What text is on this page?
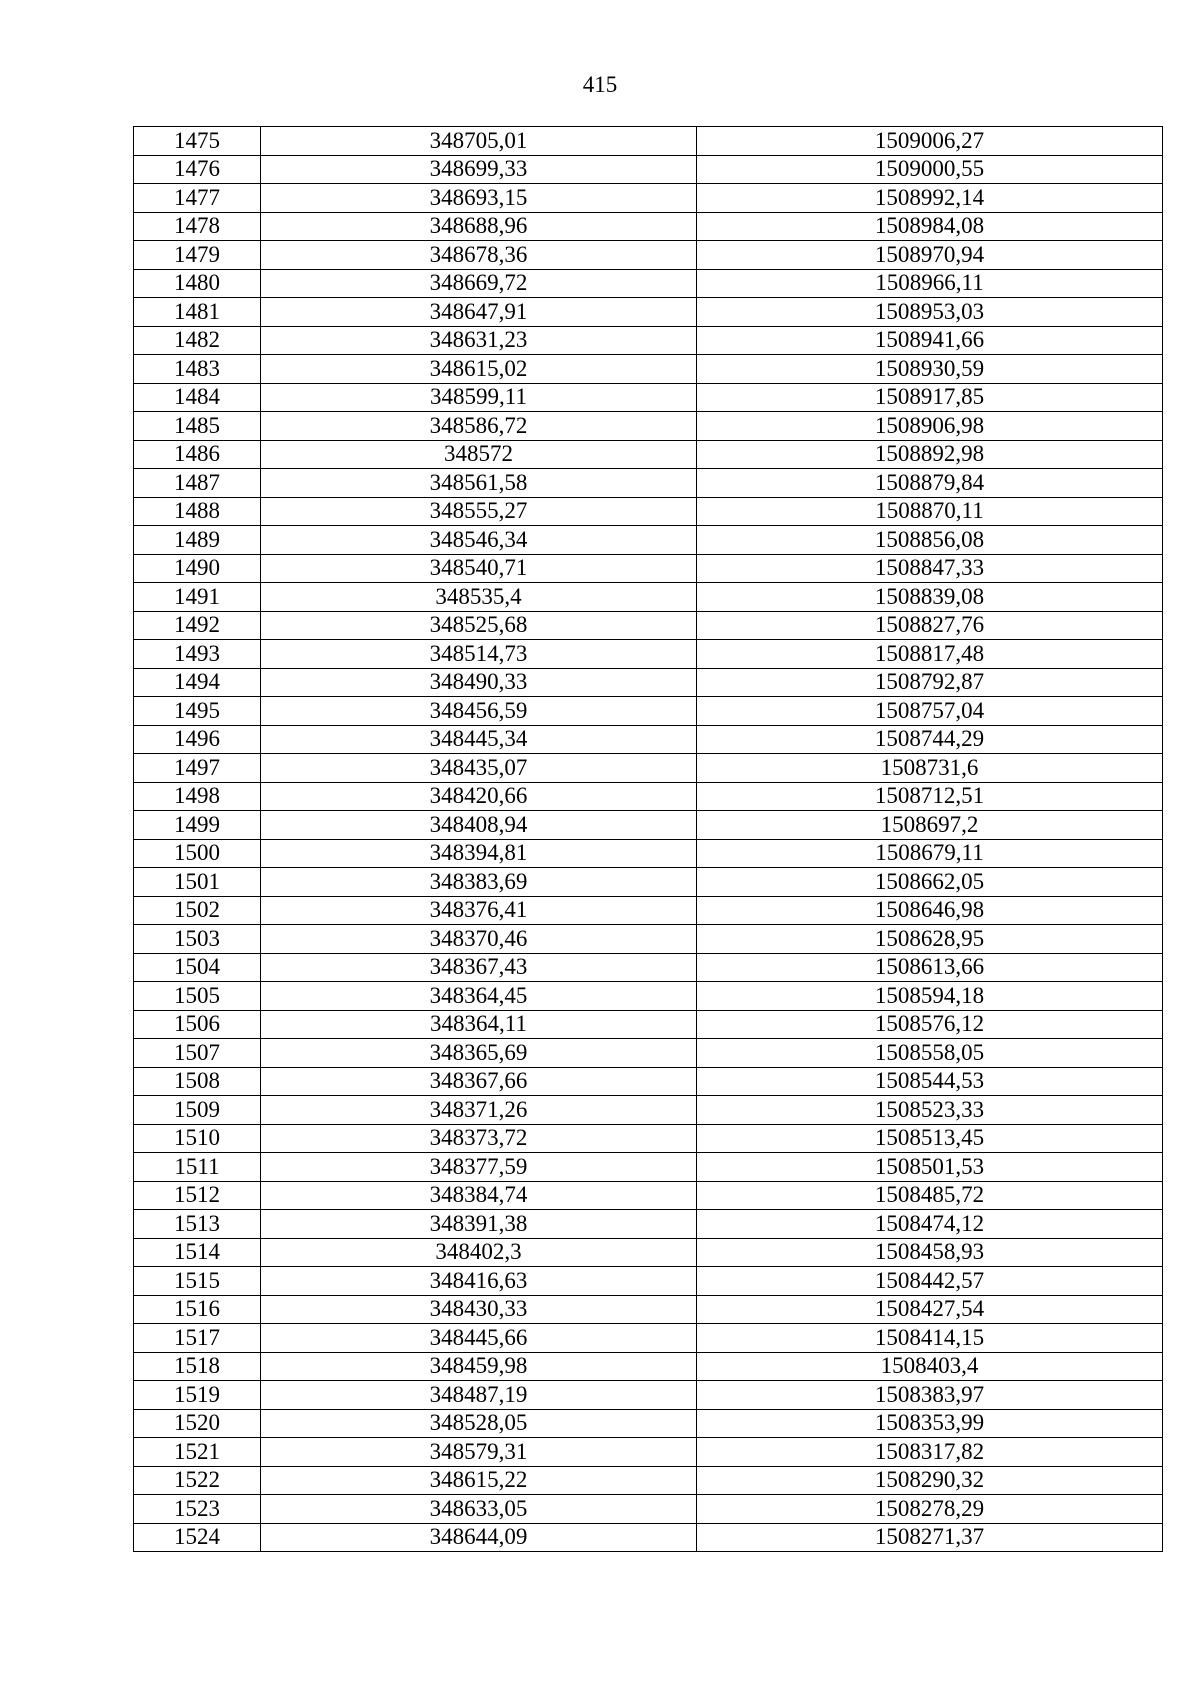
415
1475	348705,01	1509006,27
1476	348699,33	1509000,55
1477	348693,15	1508992,14
1478	348688,96	1508984,08
1479	348678,36	1508970,94
1480	348669,72	1508966,11
1481	348647,91	1508953,03
1482	348631,23	1508941,66
1483	348615,02	1508930,59
1484	348599,11	1508917,85
1485	348586,72	1508906,98
1486	348572	1508892,98
1487	348561,58	1508879,84
1488	348555,27	1508870,11
1489	348546,34	1508856,08
1490	348540,71	1508847,33
1491	348535,4	1508839,08
1492	348525,68	1508827,76
1493	348514,73	1508817,48
1494	348490,33	1508792,87
1495	348456,59	1508757,04
1496	348445,34	1508744,29
1497	348435,07	1508731,6
1498	348420,66	1508712,51
1499	348408,94	1508697,2
1500	348394,81	1508679,11
1501	348383,69	1508662,05
1502	348376,41	1508646,98
1503	348370,46	1508628,95
1504	348367,43	1508613,66
1505	348364,45	1508594,18
1506	348364,11	1508576,12
1507	348365,69	1508558,05
1508	348367,66	1508544,53
1509	348371,26	1508523,33
1510	348373,72	1508513,45
1511	348377,59	1508501,53
1512	348384,74	1508485,72
1513	348391,38	1508474,12
1514	348402,3	1508458,93
1515	348416,63	1508442,57
1516	348430,33	1508427,54
1517	348445,66	1508414,15
1518	348459,98	1508403,4
1519	348487,19	1508383,97
1520	348528,05	1508353,99
1521	348579,31	1508317,82
1522	348615,22	1508290,32
1523	348633,05	1508278,29
1524	348644,09	1508271,37
